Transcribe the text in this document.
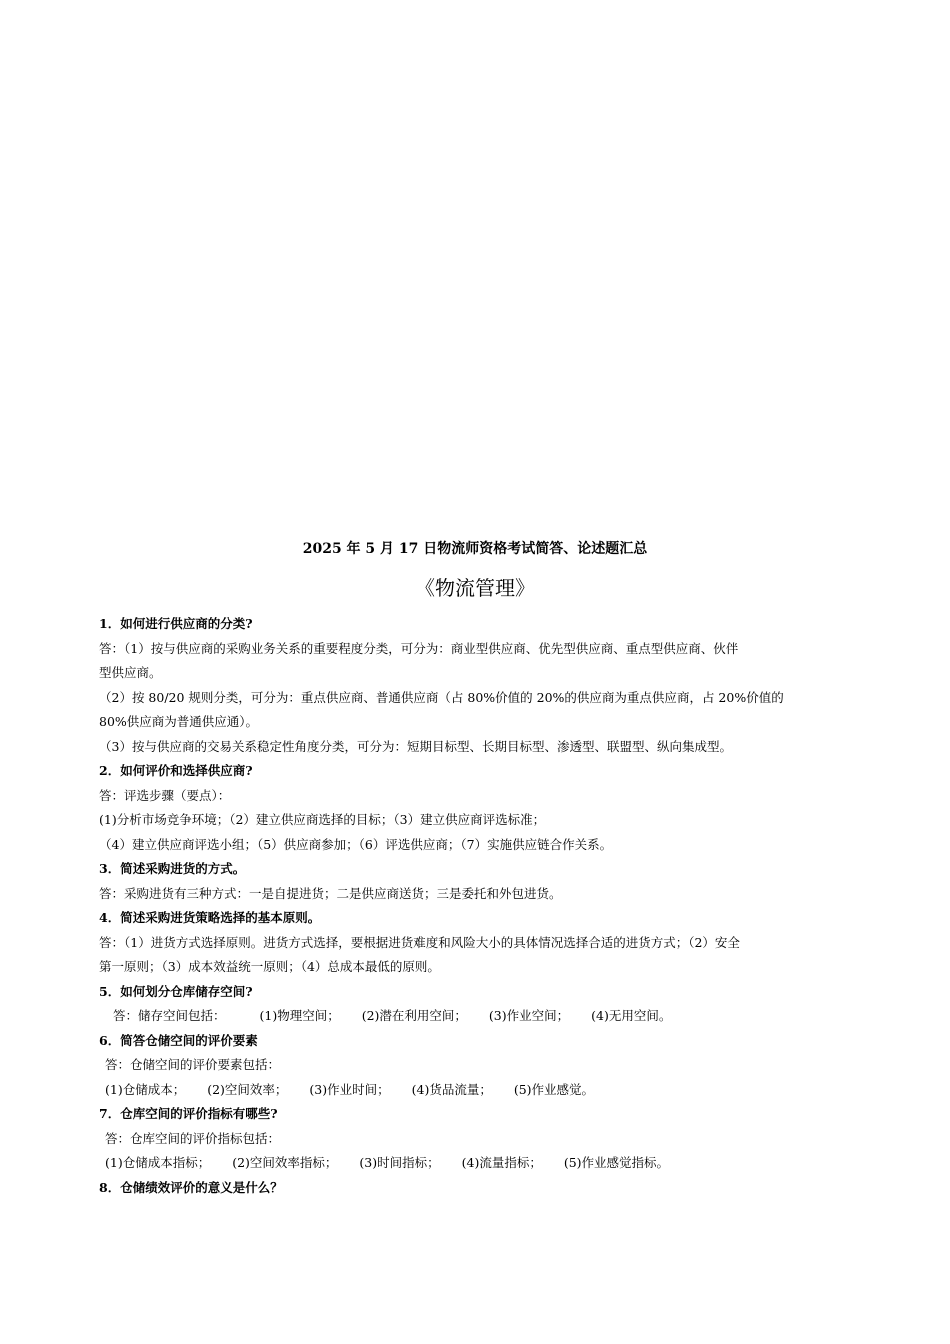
2025 年 5 月 17 日物流师资格考试简答、论述题汇总
《物流管理》
1．如何进行供应商的分类?
答：（1）按与供应商的采购业务关系的重要程度分类，可分为：商业型供应商、优先型供应商、重点型供应商、伙伴
型供应商。
（2）按 80/20 规则分类，可分为：重点供应商、普通供应商（占 80%价值的 20%的供应商为重点供应商，占 20%价值的
80%供应商为普通供应通）。
（3）按与供应商的交易关系稳定性角度分类，可分为：短期目标型、长期目标型、渗透型、联盟型、纵向集成型。
2．如何评价和选择供应商?
答：评选步骤（要点）：
(1)分析市场竞争环境；（2）建立供应商选择的目标；（3）建立供应商评选标准；
（4）建立供应商评选小组；（5）供应商参加；（6）评选供应商；（7）实施供应链合作关系。
3．简述采购进货的方式。
答：采购进货有三种方式：一是自提进货；二是供应商送货；三是委托和外包进货。
4．简述采购进货策略选择的基本原则。
答：（1）进货方式选择原则。进货方式选择，要根据进货难度和风险大小的具体情况选择合适的进货方式；（2）安全
第一原则；（3）成本效益统一原则；（4）总成本最低的原则。
5．如何划分仓库储存空间?
答：储存空间包括：	(1)物理空间； (2)潜在利用空间； (3)作业空间； (4)无用空间。
6．简答仓储空间的评价要素
答：仓储空间的评价要素包括：
(1)仓储成本； (2)空间效率； (3)作业时间； (4)货品流量； (5)作业感觉。
7．仓库空间的评价指标有哪些?
答：仓库空间的评价指标包括：
(1)仓储成本指标； (2)空间效率指标； (3)时间指标； (4)流量指标； (5)作业感觉指标。
8．仓储绩效评价的意义是什么？
